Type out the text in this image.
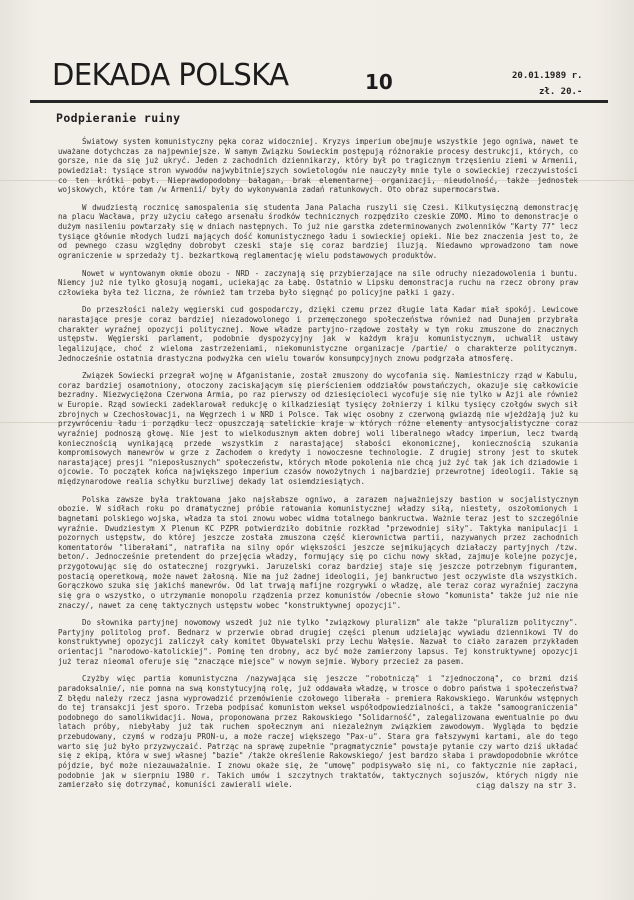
DEKADA POLSKA	10	20.01.1989 r.
zł. 20.-
Podpieranie ruiny

Światowy system komunistyczny pęka coraz widoczniej. Kryzys imperium obejmuje wszystkie jego ogniwa, nawet te uważane dotychczas za najpewniejsze. W samym Związku Sowieckim postępują różnorakie procesy destrukcji, których, co gorsze, nie da się już ukryć. Jeden z zachodnich dziennikarzy, który był po tragicznym trzęsieniu ziemi w Armenii, powiedział: tysiące stron wywodów najwybitniejszych sowietologów nie nauczyły mnie tyle o sowieckiej rzeczywistości co ten krótki pobyt. Nieprawdopodobny bałagan, brak elementarnej organizacji, nieudolność, także jednostek wojskowych, które tam /w Armenii/ były do wykonywania zadań ratunkowych. Oto obraz supermocarstwa.

W dwudziestą rocznicę samospalenia się studenta Jana Palacha ruszyli się Czesi. Kilkutysięczną demonstrację na placu Wacława, przy użyciu całego arsenału środków technicznych rozpędziło czeskie ZOMO. Mimo to demonstracje o dużym nasileniu powtarzały się w dniach następnych. To już nie garstka zdeterminowanych zwolenników "Karty 77" lecz tysiące głównie młodych ludzi mających dość komunistycznego ładu i sowieckiej opieki. Nie bez znaczenia jest to, że od pewnego czasu względny dobrobyt czeski staje się coraz bardziej iluzją. Niedawno wprowadzono tam nowe ograniczenie w sprzedaży tj. bezkartkową reglamentację wielu podstawowych produktów.

Nowet w wyntowanym okmie obozu - NRD - zaczynają się przybierzające na sile odruchy niezadowolenia i buntu. Niemcy już nie tylko głosują nogami, uciekając za Łabę. Ostatnio w Lipsku demonstracja ruchu na rzecz obrony praw człowieka była też liczna, że również tam trzeba było sięgnąć po policyjne pałki i gazy.

Do przeszłości należy węgierski cud gospodarczy, dzięki czemu przez długie lata Kadar miał spokój. Lewicowe narastające presje coraz bardziej niezadowolonego i przemęczonego społeczeństwa również nad Dunajem przybrała charakter wyraźnej opozycji politycznej. Nowe władze partyjno-rządowe zostały w tym roku zmuszone do znacznych ustępstw. Węgierski parlament, podobnie dyspozycyjny jak w każdym kraju komunistycznym, uchwalił ustawy legalizujące, choć z wieloma zastrzeżeniami, niekomunistyczne organizacje /partie/ o charakterze politycznym. Jednocześnie ostatnia drastyczna podwyżka cen wielu towarów konsumpcyjnych znowu podgrzała atmosferę.

Związek Sowiecki przegrał wojnę w Afganistanie, został zmuszony do wycofania się. Namiestniczy rząd w Kabulu, coraz bardziej osamotniony, otoczony zaciskającym się pierścieniem oddziałów powstańczych, okazuje się całkowicie bezradny. Niezwyciężona Czerwona Armia, po raz pierwszy od dziesięcioleci wycofuje się nie tylko w Azji ale również w Europie. Rząd sowiecki zadeklarował redukcję o kilkadziesiąt tysięcy żołnierzy i kilku tysięcy czołgów swych sił zbrojnych w Czechosłowacji, na Węgrzech i w NRD i Polsce. Tak więc osobny z czerwoną gwiazdą nie wjeżdżają już ku przywróceniu ładu i porządku lecz opuszczają satelickie kraje w których różne elementy antysocjalistyczne coraz wyraźniej podnoszą głowę. Nie jest to wielkodusznym aktem dobrej woli liberalnego władcy imperium, lecz twardą koniecznością wynikającą przede wszystkim z narastającej słabości ekonomicznej, koniecznością szukania kompromisowych manewrów w grze z Zachodem o kredyty i nowoczesne technologie. Z drugiej strony jest to skutek narastającej presji "nieposłusznych" społeczeństw, których młode pokolenia nie chcą już żyć tak jak ich dziadowie i ojcowie. To początek końca największego imperium czasów nowożytnych i najbardziej przewrotnej ideologii. Takie są międzynarodowe realia schyłku burzliwej dekady lat osiemdziesiątych.

Polska zawsze była traktowana jako najsłabsze ogniwo, a zarazem najważniejszy bastion w socjalistycznym obozie. W sidłach roku po dramatycznej próbie ratowania komunistycznej władzy siłą, niestety, oszołomionych i bagnetami polskiego wojska, władza ta stoi znowu wobec widma totalnego bankructwa. Ważnie teraz jest to szczególnie wyraźnie. Dwudziestym X Plenum KC PZPR potwierdziło dobitnie rozkład "przewodniej siły". Taktyka manipulacji i pozornych ustępstw, do której jeszcze została zmuszona część kierownictwa partii, nazywanych przez zachodnich komentatorów "liberałami", natrafiła na silny opór większości jeszcze sejmikujących działaczy partyjnych /tzw. beton/. Jednocześnie pretendent do przejęcia władzy, formujący się po cichu nowy skład, zajmuje kolejne pozycje, przygotowując się do ostatecznej rozgrywki. Jaruzelski coraz bardziej staje się jeszcze potrzebnym figurantem, postacią operetkową, może nawet żałosną. Nie ma już żadnej ideologii, jej bankructwo jest oczywiste dla wszystkich. Gorączkowo szuka się jakichś manewrów. Od lat trwają mafijne rozgrywki o władzę, ale teraz coraz wyraźniej zaczyna się gra o wszystko, o utrzymanie monopolu rządzenia przez komunistów /obecnie słowo "komunista" także już nie nie znaczy/, nawet za cenę taktycznych ustępstw wobec "konstruktywnej opozycji".

Do słownika partyjnej nowomowy wszedł już nie tylko "związkowy pluralizm" ale także "pluralizm polityczny". Partyjny politolog prof. Bednarz w przerwie obrad drugiej części plenum udzielając wywiadu dziennikowi TV do konstruktywnej opozycji zaliczył cały komitet Obywatelski przy Lechu Wałęsie. Nazwał to ciało zarazem przykładem orientacji "narodowo-katolickiej". Pominę ten drobny, acz być może zamierzony lapsus. Tej konstruktywnej opozycji już teraz nieomal oferuje się "znaczące miejsce" w nowym sejmie. Wybory przecież za pasem.

Czyżby więc partia komunistyczna /nazywająca się jeszcze "robotniczą" i "zjednoczoną", co brzmi dziś paradoksalnie/, nie pomna na swą konstytucyjną rolę, już oddawała władzę, w trosce o dobro państwa i społeczeństwa? Z błędu należy rzecz jasna wyprowadzić przemówienie czołowego liberała - premiera Rakowskiego. Warunków wstępnych do tej transakcji jest sporo. Trzeba podpisać komunistom weksel współodpowiedzialności, a także "samoograniczenia" podobnego do samolikwidacji. Nowa, proponowana przez Rakowskiego "Solidarność", zalegalizowana ewentualnie po dwu latach próby, niebyłaby już tak ruchem społecznym ani niezależnym związkiem zawodowym. Wygląda to będzie przebudowany, czymś w rodzaju PRON-u, a może raczej większego "Pax-u". Stara gra fałszywymi kartami, ale do tego warto się już było przyzwyczaić. Patrząc na sprawę zupełnie "pragmatycznie" powstaje pytanie czy warto dziś układać się z ekipą, która w swej własnej "bazie" /także określenie Rakowskiego/ jest bardzo słaba i prawdopodobnie wkrótce pójdzie, być może niezauważalnie. I znowu okaże się, że "umowę" podpisywało się ni, co faktycznie nie zapłaci, podobnie jak w sierpniu 1980 r. Takich umów i szczytnych traktatów, taktycznych sojuszów, których nigdy nie zamierzało się dotrzymać, komuniści zawierali wiele.	ciąg dalszy na str 3.
